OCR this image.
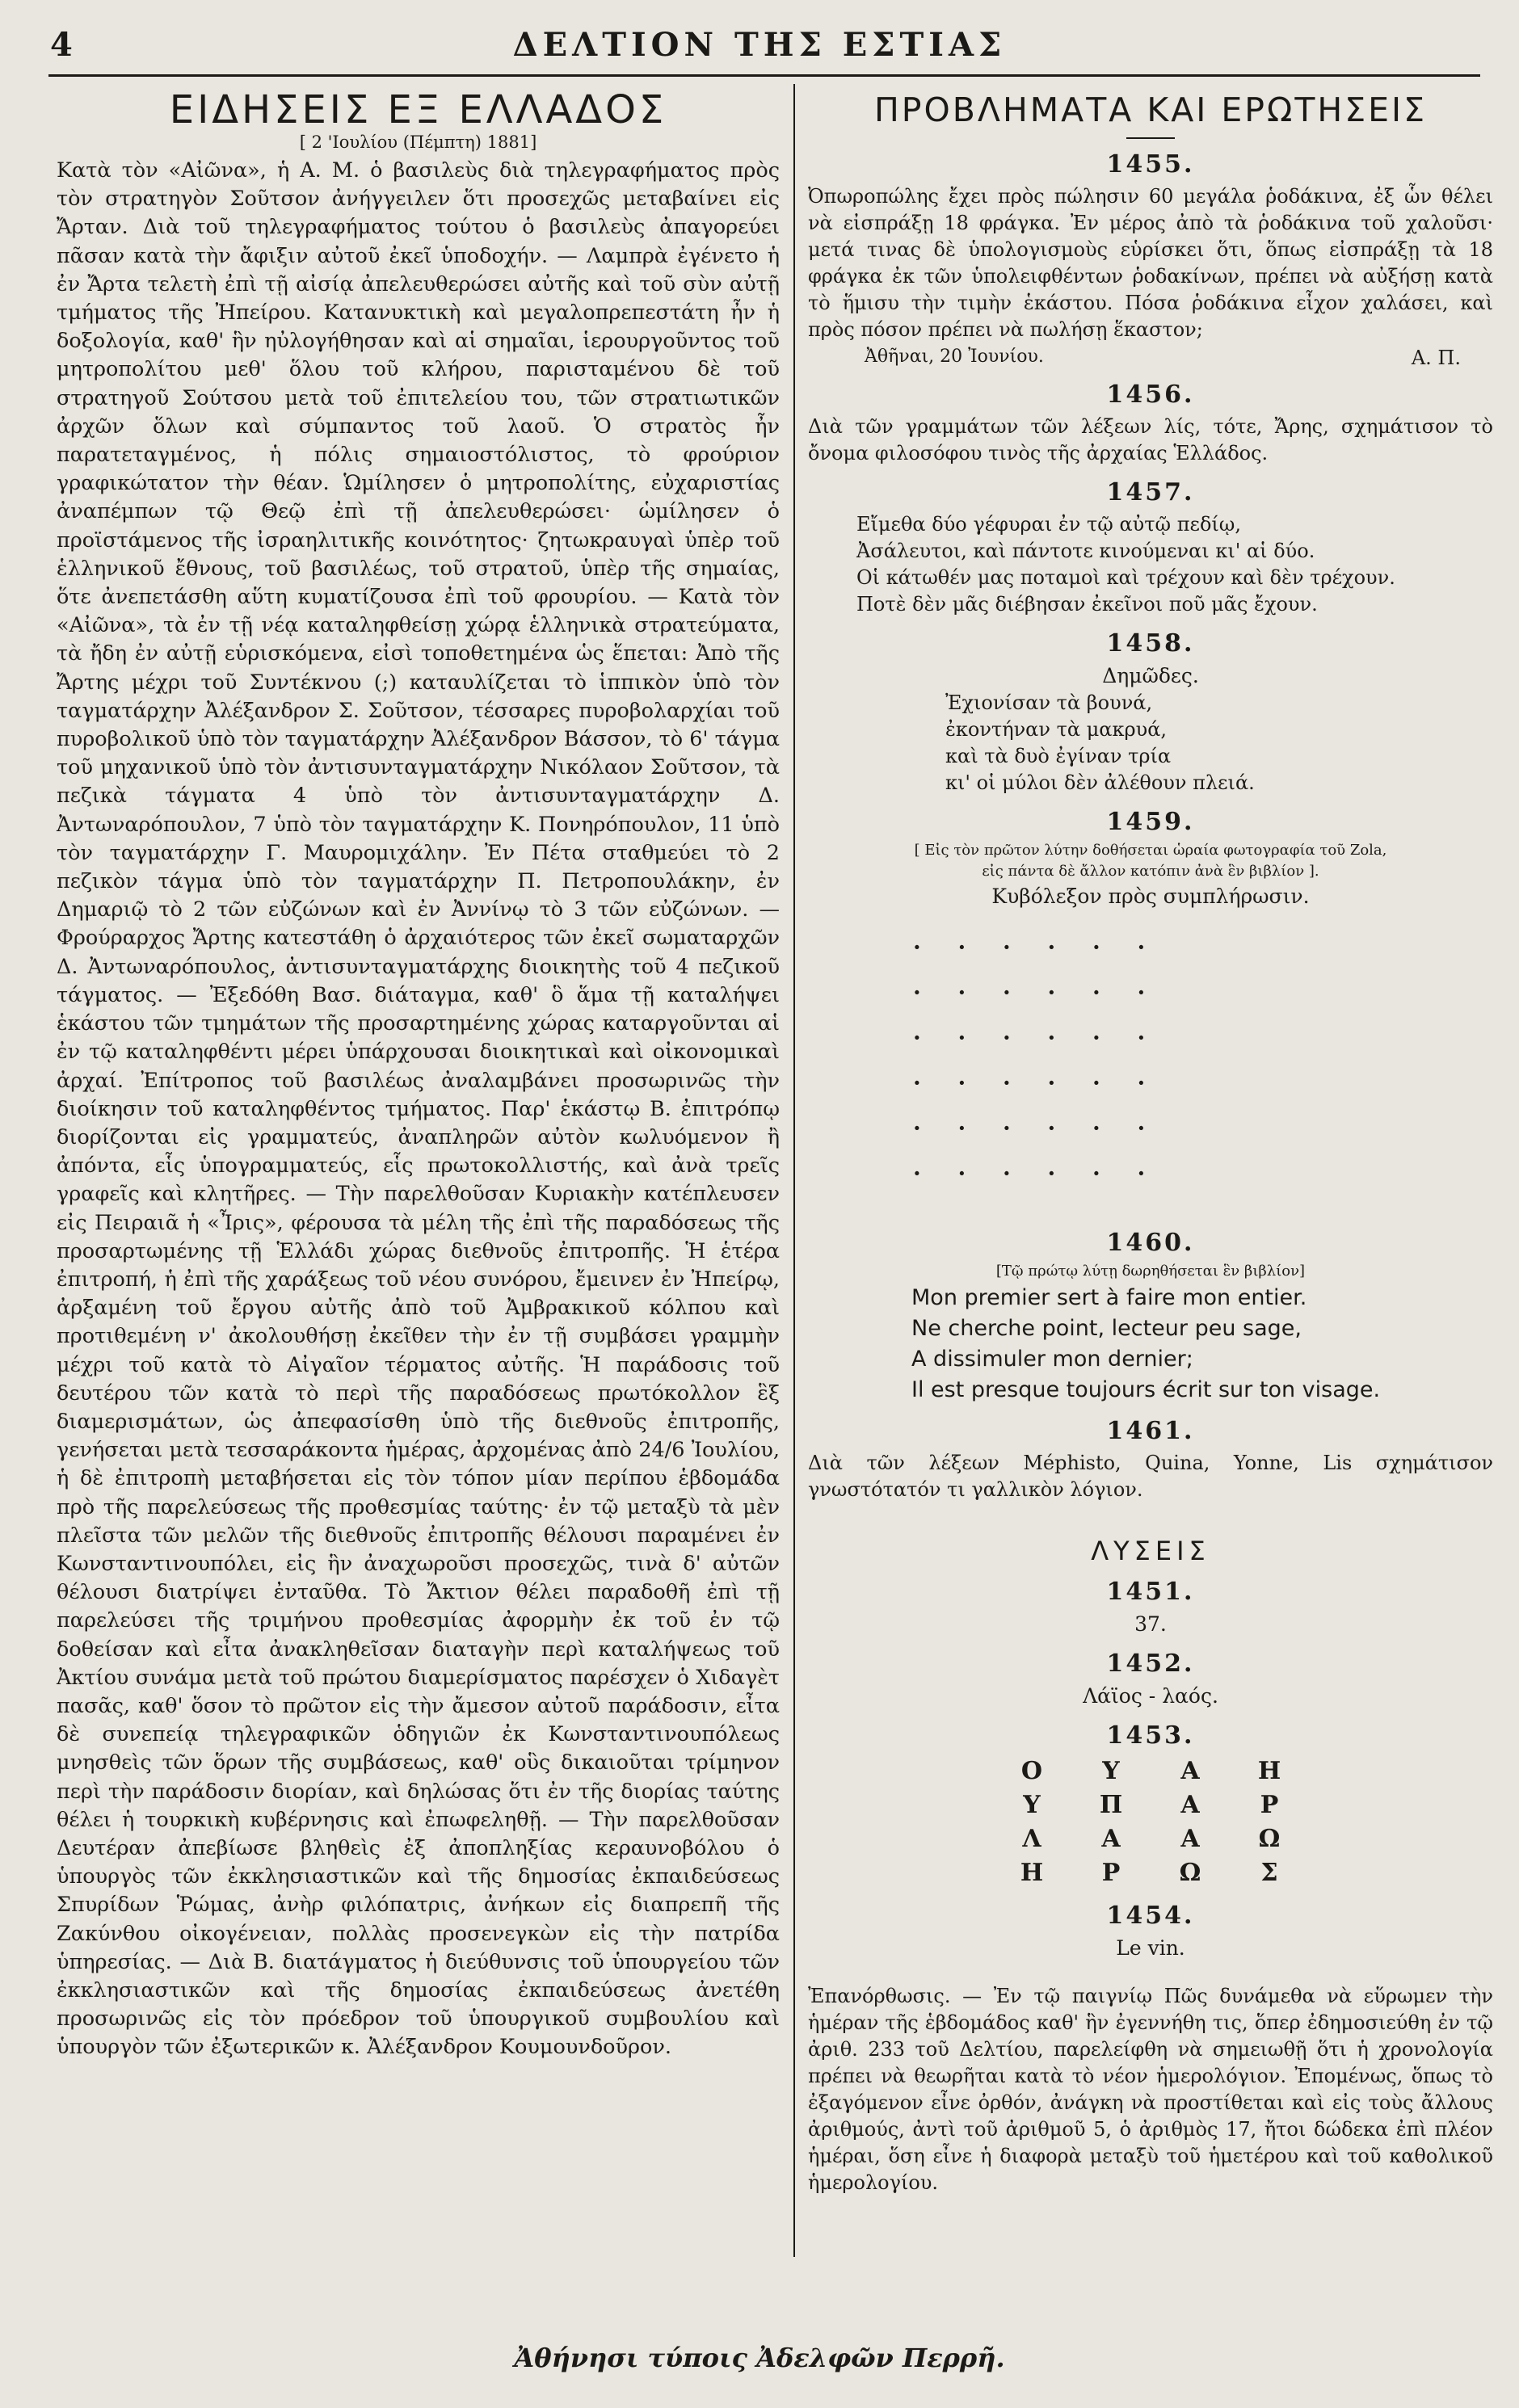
4	ΔΕΛΤΙΟΝ ΤΗΣ ΕΣΤΙΑΣ
ΕΙΔΗΣΕΙΣ ΕΞ ΕΛΛΑΔΟΣ

[ 2 'Ιουλίου (Πέμπτη) 1881]

Κατὰ τὸν «Αἰῶνα», ἡ Α. Μ. ὁ βασιλεὺς διὰ τηλεγραφήματος πρὸς τὸν στρατηγὸν Σοῦτσον ἀνήγγειλεν ὅτι προσεχῶς μεταβαίνει εἰς Ἄρταν. Διὰ τοῦ τηλεγραφήματος τούτου ὁ βασιλεὺς ἀπαγορεύει πᾶσαν κατὰ τὴν ἄφιξιν αὐτοῦ ἐκεῖ ὑποδοχήν. — Λαμπρὰ ἐγένετο ἡ ἐν Ἄρτα τελετὴ ἐπὶ τῇ αἰσίᾳ ἀπελευθερώσει αὐτῆς καὶ τοῦ σὺν αὐτῇ τμήματος τῆς Ἠπείρου. Κατανυκτικὴ καὶ μεγαλοπρεπεστάτη ἦν ἡ δοξολογία, καθ' ἣν ηὐλογήθησαν καὶ αἱ σημαῖαι, ἱερουργοῦντος τοῦ μητροπολίτου μεθ' ὅλου τοῦ κλήρου, παρισταμένου δὲ τοῦ στρατηγοῦ Σούτσου μετὰ τοῦ ἐπιτελείου του, τῶν στρατιωτικῶν ἀρχῶν ὅλων καὶ σύμπαντος τοῦ λαοῦ. Ὁ στρατὸς ἦν παρατεταγμένος, ἡ πόλις σημαιοστόλιστος, τὸ φρούριον γραφικώτατον τὴν θέαν. Ὡμίλησεν ὁ μητροπολίτης, εὐχαριστίας ἀναπέμπων τῷ Θεῷ ἐπὶ τῇ ἀπελευθερώσει· ὡμίλησεν ὁ προϊστάμενος τῆς ἰσραηλιτικῆς κοινότητος· ζητωκραυγαὶ ὑπὲρ τοῦ ἑλληνικοῦ ἔθνους, τοῦ βασιλέως, τοῦ στρατοῦ, ὑπὲρ τῆς σημαίας, ὅτε ἀνεπετάσθη αὕτη κυματίζουσα ἐπὶ τοῦ φρουρίου. — Κατὰ τὸν «Αἰῶνα», τὰ ἐν τῇ νέᾳ καταληφθείσῃ χώρᾳ ἑλληνικὰ στρατεύματα, τὰ ἤδη ἐν αὐτῇ εὑρισκόμενα, εἰσὶ τοποθετημένα ὡς ἕπεται: Ἀπὸ τῆς Ἄρτης μέχρι τοῦ Συντέκνου (;) καταυλίζεται τὸ ἱππικὸν ὑπὸ τὸν ταγματάρχην Ἀλέξανδρον Σ. Σοῦτσον, τέσσαρες πυροβολαρχίαι τοῦ πυροβολικοῦ ὑπὸ τὸν ταγματάρχην Ἀλέξανδρον Βάσσον, τὸ 6' τάγμα τοῦ μηχανικοῦ ὑπὸ τὸν ἀντισυνταγματάρχην Νικόλαον Σοῦτσον, τὰ πεζικὰ τάγματα 4 ὑπὸ τὸν ἀντισυνταγματάρχην Δ. Ἀντωναρόπουλον, 7 ὑπὸ τὸν ταγματάρχην Κ. Πονηρόπουλον, 11 ὑπὸ τὸν ταγματάρχην Γ. Μαυρομιχάλην. Ἐν Πέτα σταθμεύει τὸ 2 πεζικὸν τάγμα ὑπὸ τὸν ταγματάρχην Π. Πετροπουλάκην, ἐν Δημαριῷ τὸ 2 τῶν εὐζώνων καὶ ἐν Ἀννίνῳ τὸ 3 τῶν εὐζώνων. — Φρούραρχος Ἄρτης κατεστάθη ὁ ἀρχαιότερος τῶν ἐκεῖ σωματαρχῶν Δ. Ἀντωναρόπουλος, ἀντισυνταγματάρχης διοικητὴς τοῦ 4 πεζικοῦ τάγματος. — Ἐξεδόθη Βασ. διάταγμα, καθ' ὃ ἅμα τῇ καταλήψει ἑκάστου τῶν τμημάτων τῆς προσαρτημένης χώρας καταργοῦνται αἱ ἐν τῷ καταληφθέντι μέρει ὑπάρχουσαι διοικητικαὶ καὶ οἰκονομικαὶ ἀρχαί. Ἐπίτροπος τοῦ βασιλέως ἀναλαμβάνει προσωρινῶς τὴν διοίκησιν τοῦ καταληφθέντος τμήματος. Παρ' ἑκάστῳ Β. ἐπιτρόπῳ διορίζονται εἰς γραμματεύς, ἀναπληρῶν αὐτὸν κωλυόμενον ἢ ἀπόντα, εἷς ὑπογραμματεύς, εἷς πρωτοκολλιστής, καὶ ἀνὰ τρεῖς γραφεῖς καὶ κλητῆρες. — Τὴν παρελθοῦσαν Κυριακὴν κατέπλευσεν εἰς Πειραιᾶ ἡ «Ἶρις», φέρουσα τὰ μέλη τῆς ἐπὶ τῆς παραδόσεως τῆς προσαρτωμένης τῇ Ἑλλάδι χώρας διεθνοῦς ἐπιτροπῆς. Ἡ ἑτέρα ἐπιτροπή, ἡ ἐπὶ τῆς χαράξεως τοῦ νέου συνόρου, ἔμεινεν ἐν Ἠπείρῳ, ἀρξαμένη τοῦ ἔργου αὐτῆς ἀπὸ τοῦ Ἀμβρακικοῦ κόλπου καὶ προτιθεμένη ν' ἀκολουθήσῃ ἐκεῖθεν τὴν ἐν τῇ συμβάσει γραμμὴν μέχρι τοῦ κατὰ τὸ Αἰγαῖον τέρματος αὐτῆς. Ἡ παράδοσις τοῦ δευτέρου τῶν κατὰ τὸ περὶ τῆς παραδόσεως πρωτόκολλον ἓξ διαμερισμάτων, ὡς ἀπεφασίσθη ὑπὸ τῆς διεθνοῦς ἐπιτροπῆς, γενήσεται μετὰ τεσσαράκοντα ἡμέρας, ἀρχομένας ἀπὸ 24/6 Ἰουλίου, ἡ δὲ ἐπιτροπὴ μεταβήσεται εἰς τὸν τόπον μίαν περίπου ἑβδομάδα πρὸ τῆς παρελεύσεως τῆς προθεσμίας ταύτης· ἐν τῷ μεταξὺ τὰ μὲν πλεῖστα τῶν μελῶν τῆς διεθνοῦς ἐπιτροπῆς θέλουσι παραμένει ἐν Κωνσταντινουπόλει, εἰς ἣν ἀναχωροῦσι προσεχῶς, τινὰ δ' αὐτῶν θέλουσι διατρίψει ἐνταῦθα. Τὸ Ἄκτιον θέλει παραδοθῆ ἐπὶ τῇ παρελεύσει τῆς τριμήνου προθεσμίας ἀφορμὴν ἐκ τοῦ ἐν τῷ δοθείσαν καὶ εἶτα ἀνακληθεῖσαν διαταγὴν περὶ καταλήψεως τοῦ Ἀκτίου συνάμα μετὰ τοῦ πρώτου διαμερίσματος παρέσχεν ὁ Χιδαγὲτ πασᾶς, καθ' ὅσον τὸ πρῶτον εἰς τὴν ἄμεσον αὐτοῦ παράδοσιν, εἶτα δὲ συνεπείᾳ τηλεγραφικῶν ὁδηγιῶν ἐκ Κωνσταντινουπόλεως μνησθεὶς τῶν ὅρων τῆς συμβάσεως, καθ' οὓς δικαιοῦται τρίμηνον περὶ τὴν παράδοσιν διορίαν, καὶ δηλώσας ὅτι ἐν τῆς διορίας ταύτης θέλει ἡ τουρκικὴ κυβέρνησις καὶ ἐπωφεληθῇ. — Τὴν παρελθοῦσαν Δευτέραν ἀπεβίωσε βληθεὶς ἐξ ἀποπληξίας κεραυνοβόλου ὁ ὑπουργὸς τῶν ἐκκλησιαστικῶν καὶ τῆς δημοσίας ἐκπαιδεύσεως Σπυρίδων Ῥώμας, ἀνὴρ φιλόπατρις, ἀνήκων εἰς διαπρεπῆ τῆς Ζακύνθου οἰκογένειαν, πολλὰς προσενεγκὼν εἰς τὴν πατρίδα ὑπηρεσίας. — Διὰ Β. διατάγματος ἡ διεύθυνσις τοῦ ὑπουργείου τῶν ἐκκλησιαστικῶν καὶ τῆς δημοσίας ἐκπαιδεύσεως ἀνετέθη προσωρινῶς εἰς τὸν πρόεδρον τοῦ ὑπουργικοῦ συμβουλίου καὶ ὑπουργὸν τῶν ἐξωτερικῶν κ. Ἀλέξανδρον Κουμουνδοῦρον.

ΠΡΟΒΛΗΜΑΤΑ ΚΑΙ ΕΡΩΤΗΣΕΙΣ
1455.

Ὀπωροπώλης ἔχει πρὸς πώλησιν 60 μεγάλα ῥοδάκινα, ἐξ ὧν θέλει νὰ εἰσπράξῃ 18 φράγκα. Ἐν μέρος ἀπὸ τὰ ῥοδάκινα τοῦ χαλοῦσι· μετά τινας δὲ ὑπολογισμοὺς εὑρίσκει ὅτι, ὅπως εἰσπράξῃ τὰ 18 φράγκα ἐκ τῶν ὑπολειφθέντων ῥοδακίνων, πρέπει νὰ αὐξήσῃ κατὰ τὸ ἥμισυ τὴν τιμὴν ἑκάστου. Πόσα ῥοδάκινα εἶχον χαλάσει, καὶ πρὸς πόσον πρέπει νὰ πωλήσῃ ἕκαστον;

Ἀθῆναι, 20 Ἰουνίου.	Α. Π.
1456.

Διὰ τῶν γραμμάτων τῶν λέξεων λίς, τότε, Ἄρης, σχημάτισον τὸ ὄνομα φιλοσόφου τινὸς τῆς ἀρχαίας Ἑλλάδος.

1457.

Εἴμεθα δύο γέφυραι ἐν τῷ αὐτῷ πεδίῳ,

Ἀσάλευτοι, καὶ πάντοτε κινούμεναι κι' αἱ δύο.

Οἱ κάτωθέν μας ποταμοὶ καὶ τρέχουν καὶ δὲν τρέχουν.

Ποτὲ δὲν μᾶς διέβησαν ἐκεῖνοι ποῦ μᾶς ἔχουν.

1458.

Δημῶδες.

Ἐχιονίσαν τὰ βουνά,

ἐκοντήναν τὰ μακρυά,

καὶ τὰ δυὸ ἐγίναν τρία

κι' οἱ μύλοι δὲν ἀλέθουν πλειά.

1459.

[ Εἰς τὸν πρῶτον λύτην δοθήσεται ὡραία φωτογραφία τοῦ Zola,

εἰς πάντα δὲ ἄλλον κατόπιν ἀνὰ ἓν βιβλίον ].

Κυβόλεξον πρὸς συμπλήρωσιν.

· · · · · ·
· · · · · ·
· · · · · ·
· · · · · ·
· · · · · ·
· · · · · ·
1460.

[Τῷ πρώτῳ λύτῃ δωρηθήσεται ἓν βιβλίον]

Mon premier sert à faire mon entier.

Ne cherche point, lecteur peu sage,

A dissimuler mon dernier;

Il est presque toujours écrit sur ton visage.

1461.

Διὰ τῶν λέξεων Méphisto, Quina, Yonne, Lis σχημάτισον γνωστότατόν τι γαλλικὸν λόγιον.

ΛΥΣΕΙΣ
1451.

37.

1452.

Λάϊος - λαός.

1453.
Ο	Υ	Α	Η
Υ	Π	Α	Ρ
Λ	Α	Α	Ω
Η	Ρ	Ω	Σ
1454.

Le vin.

Ἐπανόρθωσις. — Ἐν τῷ παιγνίῳ Πῶς δυνάμεθα νὰ εὕρωμεν τὴν ἡμέραν τῆς ἑβδομάδος καθ' ἣν ἐγεννήθη τις, ὅπερ ἐδημοσιεύθη ἐν τῷ ἀριθ. 233 τοῦ Δελτίου, παρελείφθη νὰ σημειωθῇ ὅτι ἡ χρονολογία πρέπει νὰ θεωρῆται κατὰ τὸ νέον ἡμερολόγιον. Ἐπομένως, ὅπως τὸ ἐξαγόμενον εἶνε ὀρθόν, ἀνάγκη νὰ προστίθεται καὶ εἰς τοὺς ἄλλους ἀριθμούς, ἀντὶ τοῦ ἀριθμοῦ 5, ὁ ἀριθμὸς 17, ἤτοι δώδεκα ἐπὶ πλέον ἡμέραι, ὅση εἶνε ἡ διαφορὰ μεταξὺ τοῦ ἡμετέρου καὶ τοῦ καθολικοῦ ἡμερολογίου.

Ἀθήνησι τύποις Ἀδελφῶν Περρῆ.
